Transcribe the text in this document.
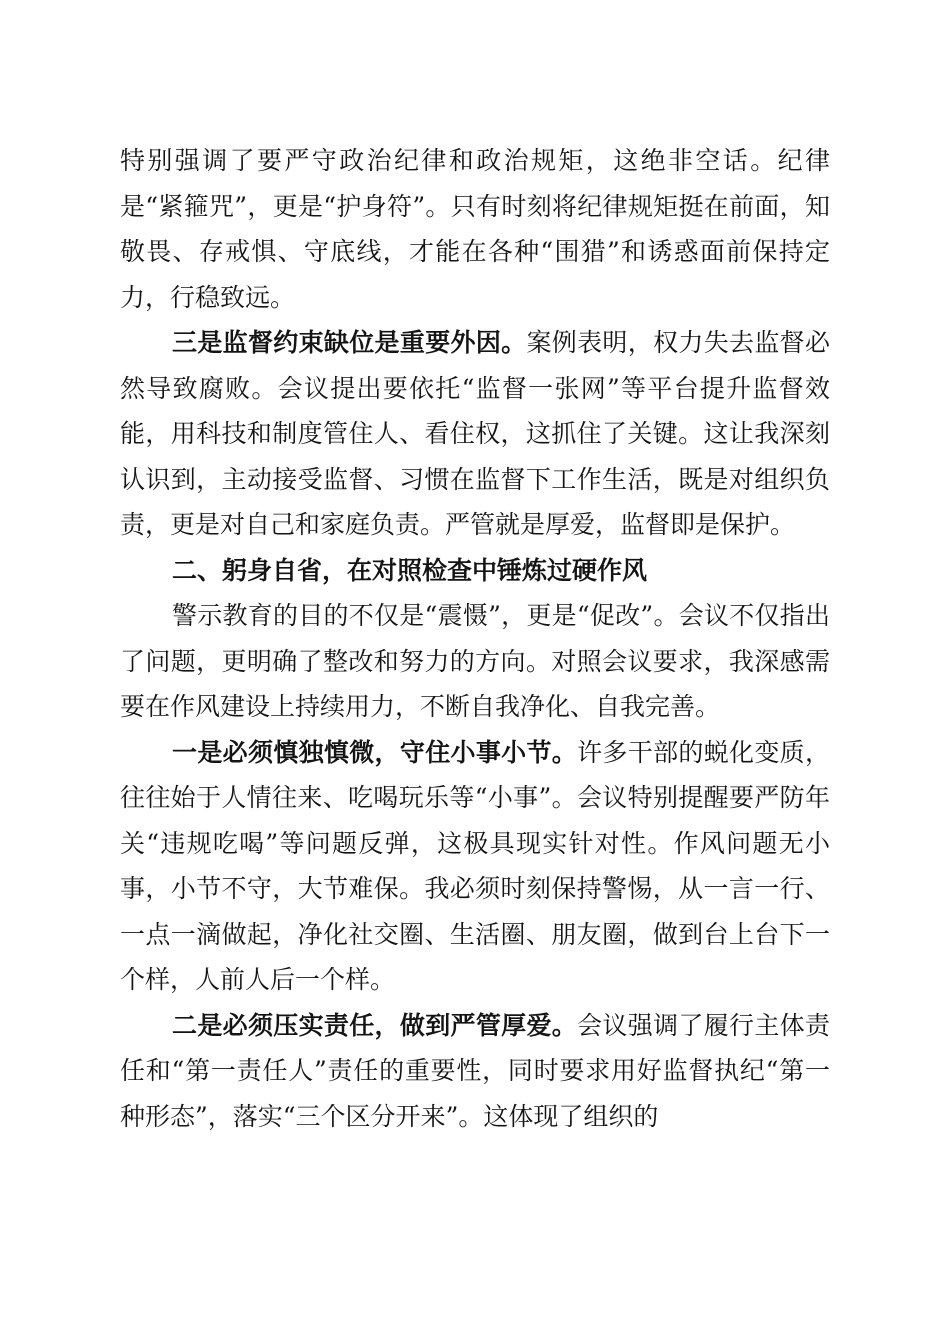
特别强调了要严守政治纪律和政治规矩，这绝非空话。纪律是“紧箍咒”，更是“护身符”。只有时刻将纪律规矩挺在前面，知敬畏、存戒惧、守底线，才能在各种“围猎”和诱惑面前保持定力，行稳致远。

三是监督约束缺位是重要外因。案例表明，权力失去监督必然导致腐败。会议提出要依托“监督一张网”等平台提升监督效能，用科技和制度管住人、看住权，这抓住了关键。这让我深刻认识到，主动接受监督、习惯在监督下工作生活，既是对组织负责，更是对自己和家庭负责。严管就是厚爱，监督即是保护。

二、躬身自省，在对照检查中锤炼过硬作风

警示教育的目的不仅是“震慑”，更是“促改”。会议不仅指出了问题，更明确了整改和努力的方向。对照会议要求，我深感需要在作风建设上持续用力，不断自我净化、自我完善。

一是必须慎独慎微，守住小事小节。许多干部的蜕化变质，往往始于人情往来、吃喝玩乐等“小事”。会议特别提醒要严防年关“违规吃喝”等问题反弹，这极具现实针对性。作风问题无小事，小节不守，大节难保。我必须时刻保持警惕，从一言一行、一点一滴做起，净化社交圈、生活圈、朋友圈，做到台上台下一个样，人前人后一个样。

二是必须压实责任，做到严管厚爱。会议强调了履行主体责任和“第一责任人”责任的重要性，同时要求用好监督执纪“第一种形态”，落实“三个区分开来”。这体现了组织的
